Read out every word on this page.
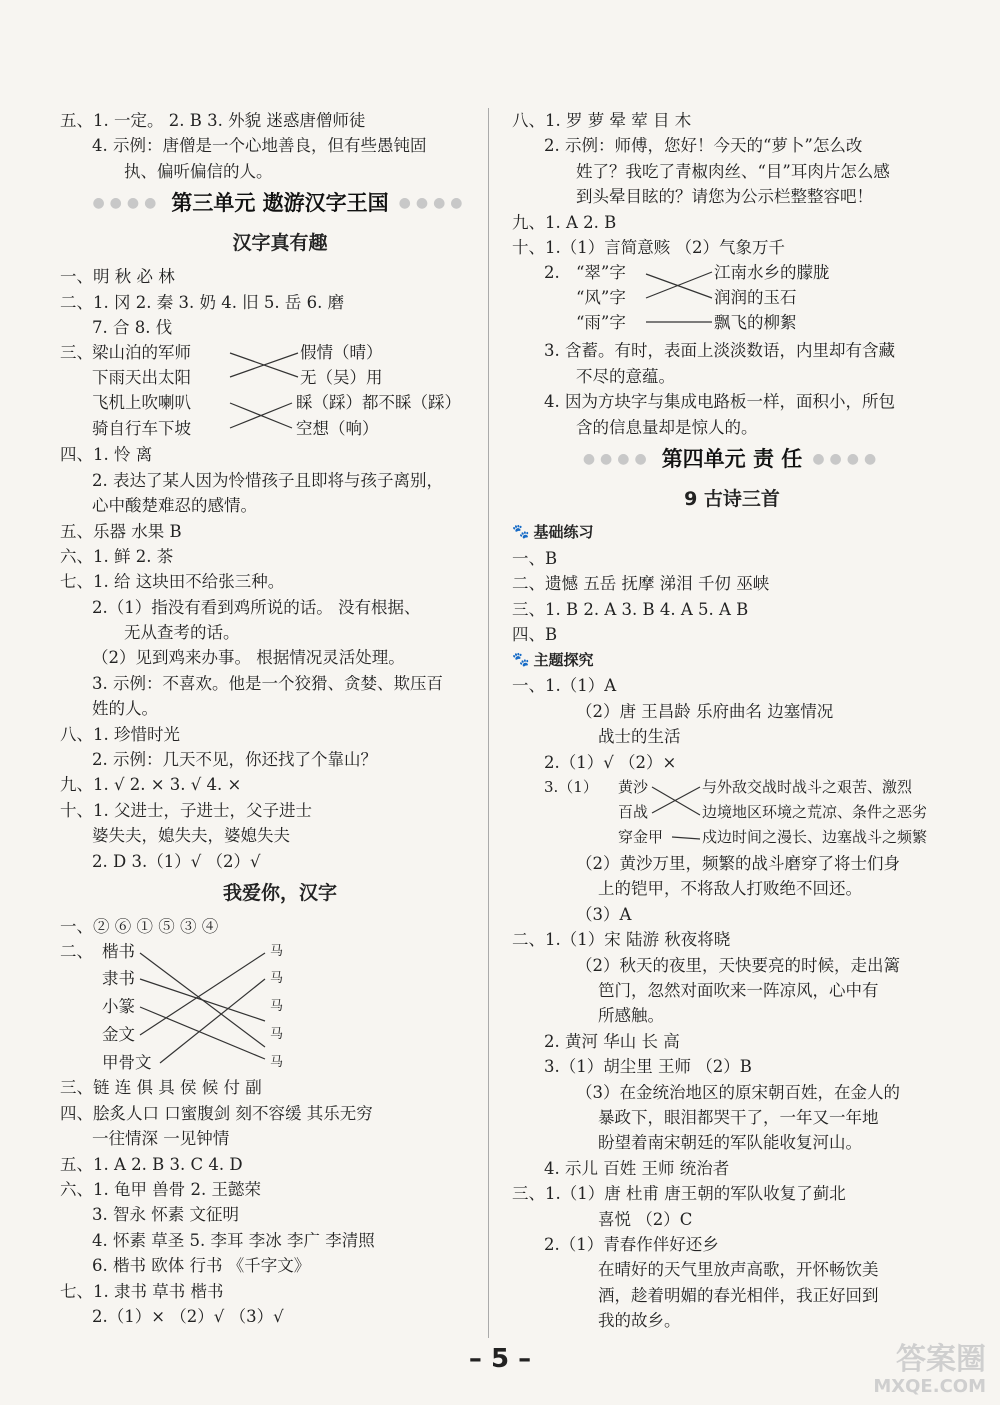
五、1. 一定。 2. B 3. 外貌 迷惑唐僧师徒
4. 示例：唐僧是一个心地善良，但有些愚钝固
执、偏听偏信的人。
●●●● 第三单元 遨游汉字王国 ●●●●
汉字真有趣
一、明 秋 必 林
二、1. 冈 2. 秦 3. 奶 4. 旧 5. 岳 6. 磨
7. 合 8. 伐
三、 梁山泊的军师
下雨天出太阳
飞机上吹喇叭
骑自行车下坡
假情（晴）
无（吴）用
睬（踩）都不睬（踩）
空想（响）
四、1. 怜 离
2. 表达了某人因为怜惜孩子且即将与孩子离别，
心中酸楚难忍的感情。
五、乐器 水果 B
六、1. 鲜 2. 茶
七、1. 给 这块田不给张三种。
2.（1）指没有看到鸡所说的话。 没有根据、
无从查考的话。
（2）见到鸡来办事。 根据情况灵活处理。
3. 示例：不喜欢。他是一个狡猾、贪婪、欺压百
姓的人。
八、1. 珍惜时光
2. 示例：几天不见，你还找了个靠山？
九、1. √ 2. × 3. √ 4. ×
十、1. 父进士，子进士，父子进士
婆失夫，媳失夫，婆媳失夫
2. D 3.（1）√ （2）√
我爱你，汉字
一、② ⑥ ① ⑤ ③ ④
二、 楷书
隶书
小篆
金文
甲骨文
马
马
马
马
马
三、链 连 俱 具 侯 候 付 副
四、脍炙人口 口蜜腹剑 刻不容缓 其乐无穷
一往情深 一见钟情
五、1. A 2. B 3. C 4. D
六、1. 龟甲 兽骨 2. 王懿荣
3. 智永 怀素 文征明
4. 怀素 草圣 5. 李耳 李冰 李广 李清照
6. 楷书 欧体 行书 《千字文》
七、1. 隶书 草书 楷书
2.（1）× （2）√ （3）√
八、1. 罗 萝 晕 荤 目 木
2. 示例：师傅，您好！今天的“萝卜”怎么改
姓了？我吃了青椒肉丝、“目”耳肉片怎么感
到头晕目眩的？请您为公示栏整整容吧！
九、1. A 2. B
十、1.（1）言简意赅 （2）气象万千
2. “翠”字
“风”字
“雨”字
江南水乡的朦胧
润润的玉石
飘飞的柳絮
3. 含蓄。有时，表面上淡淡数语，内里却有含藏
不尽的意蕴。
4. 因为方块字与集成电路板一样，面积小，所包
含的信息量却是惊人的。
●●●● 第四单元 责 任 ●●●●
9 古诗三首
🐾 基础练习
一、B
二、遗憾 五岳 抚摩 涕泪 千仞 巫峡
三、1. B 2. A 3. B 4. A 5. A B
四、B
🐾 主题探究
一、1.（1）A
（2）唐 王昌龄 乐府曲名 边塞情况
战士的生活
2.（1）√ （2）×
3.（1） 黄沙
百战
穿金甲
与外敌交战时战斗之艰苦、激烈
边境地区环境之荒凉、条件之恶劣
戍边时间之漫长、边塞战斗之频繁
（2）黄沙万里，频繁的战斗磨穿了将士们身
上的铠甲，不将敌人打败绝不回还。
（3）A
二、1.（1）宋 陆游 秋夜将晓
（2）秋天的夜里，天快要亮的时候，走出篱
笆门，忽然对面吹来一阵凉风，心中有
所感触。
2. 黄河 华山 长 高
3.（1）胡尘里 王师 （2）B
（3）在金统治地区的原宋朝百姓，在金人的
暴政下，眼泪都哭干了，一年又一年地
盼望着南宋朝廷的军队能收复河山。
4. 示儿 百姓 王师 统治者
三、1.（1）唐 杜甫 唐王朝的军队收复了蓟北
喜悦 （2）C
2.（1）青春作伴好还乡
在晴好的天气里放声高歌，开怀畅饮美
酒，趁着明媚的春光相伴，我正好回到
我的故乡。
– 5 –	答案圈
MXQE.COM
